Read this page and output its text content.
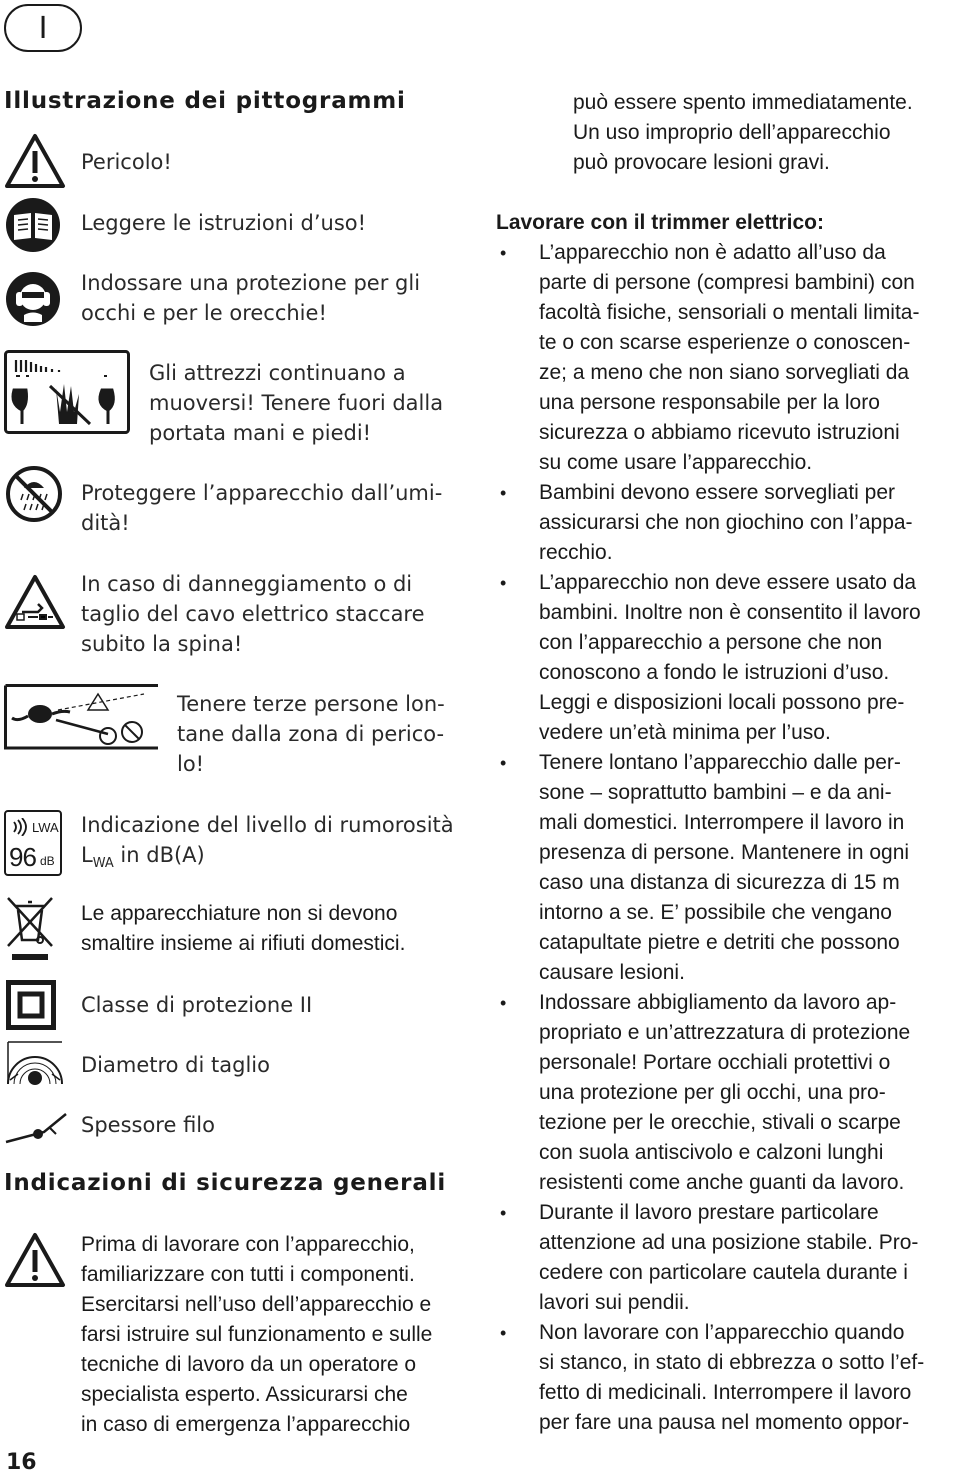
I
Illustrazione dei pittogrammi
Pericolo!
Leggere le istruzioni d’uso!
Indossare una protezione per gli
occhi e per le orecchie!
Gli attrezzi continuano a
muoversi! Tenere fuori dalla
portata mani e piedi!
Proteggere l’apparecchio dall’umi-
dità!
In caso di danneggiamento o di
taglio del cavo elettrico staccare
subito la spina!
Tenere terze persone lon-
tane dalla zona di perico-
lo!
LWA
96 dB
Indicazione del livello di rumorosità
$L_{WA}$ in dB(A)
Le apparecchiature non si devono
smaltire insieme ai rifiuti domestici.
Classe di protezione II
Diametro di taglio
Spessore filo
Indicazioni di sicurezza generali
Prima di lavorare con l’apparecchio,
familiarizzare con tutti i componenti.
Esercitarsi nell’uso dell’apparecchio e
farsi istruire sul funzionamento e sulle
tecniche di lavoro da un operatore o
specialista esperto. Assicurarsi che
in caso di emergenza l’apparecchio
può essere spento immediatamente.
Un uso improprio dell’apparecchio
può provocare lesioni gravi.
Lavorare con il trimmer elettrico:
• L’apparecchio non è adatto all’uso da
parte di persone (compresi bambini) con
facoltà fisiche, sensoriali o mentali limita-
te o con scarse esperienze o conoscen-
ze; a meno che non siano sorvegliati da
una persone responsabile per la loro
sicurezza o abbiamo ricevuto istruzioni
su come usare l’apparecchio.
• Bambini devono essere sorvegliati per
assicurarsi che non giochino con l’appa-
recchio.
• L’apparecchio non deve essere usato da
bambini. Inoltre non è consentito il lavoro
con l’apparecchio a persone che non
conoscono a fondo le istruzioni d’uso.
Leggi e disposizioni locali possono pre-
vedere un’età minima per l’uso.
• Tenere lontano l’apparecchio dalle per-
sone – soprattutto bambini – e da ani-
mali domestici. Interrompere il lavoro in
presenza di persone. Mantenere in ogni
caso una distanza di sicurezza di 15 m
intorno a se. E’ possibile che vengano
catapultate pietre e detriti che possono
causare lesioni.
• Indossare abbigliamento da lavoro ap-
propriato e un’attrezzatura di protezione
personale! Portare occhiali protettivi o
una protezione per gli occhi, una pro-
tezione per le orecchie, stivali o scarpe
con suola antiscivolo e calzoni lunghi
resistenti come anche guanti da lavoro.
• Durante il lavoro prestare particolare
attenzione ad una posizione stabile. Pro-
cedere con particolare cautela durante i
lavori sui pendii.
• Non lavorare con l’apparecchio quando
si stanco, in stato di ebbrezza o sotto l’ef-
fetto di medicinali. Interrompere il lavoro
per fare una pausa nel momento oppor-
16
